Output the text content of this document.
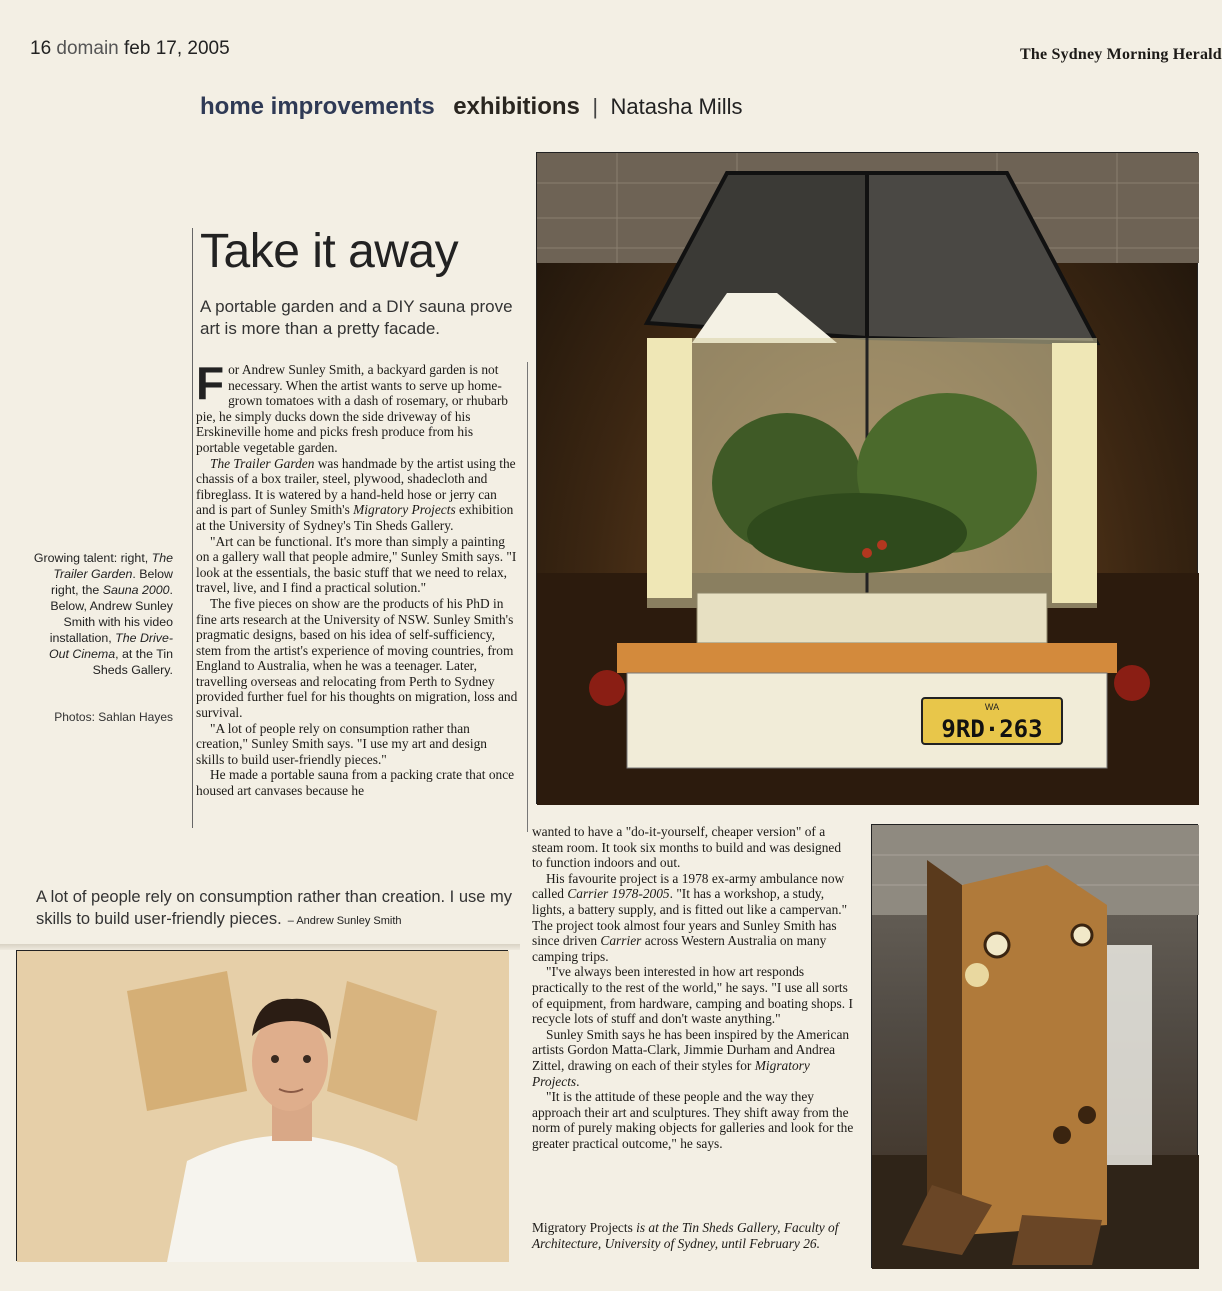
16 domain feb 17, 2005	The Sydney Morning Herald
home improvements exhibitions | Natasha Mills
Take it away
A portable garden and a DIY sauna prove art is more than a pretty facade.

For Andrew Sunley Smith, a backyard garden is not necessary. When the artist wants to serve up home-grown tomatoes with a dash of rosemary, or rhubarb pie, he simply ducks down the side driveway of his Erskineville home and picks fresh produce from his portable vegetable garden.

The Trailer Garden was handmade by the artist using the chassis of a box trailer, steel, plywood, shadecloth and fibreglass. It is watered by a hand-held hose or jerry can and is part of Sunley Smith's Migratory Projects exhibition at the University of Sydney's Tin Sheds Gallery.

"Art can be functional. It's more than simply a painting on a gallery wall that people admire," Sunley Smith says. "I look at the essentials, the basic stuff that we need to relax, travel, live, and I find a practical solution."

The five pieces on show are the products of his PhD in fine arts research at the University of NSW. Sunley Smith's pragmatic designs, based on his idea of self-sufficiency, stem from the artist's experience of moving countries, from England to Australia, when he was a teenager. Later, travelling overseas and relocating from Perth to Sydney provided further fuel for his thoughts on migration, loss and survival.

"A lot of people rely on consumption rather than creation," Sunley Smith says. "I use my art and design skills to build user-friendly pieces."

He made a portable sauna from a packing crate that once housed art canvases because he

wanted to have a "do-it-yourself, cheaper version" of a steam room. It took six months to build and was designed to function indoors and out.

His favourite project is a 1978 ex-army ambulance now called Carrier 1978-2005. "It has a workshop, a study, lights, a battery supply, and is fitted out like a campervan." The project took almost four years and Sunley Smith has since driven Carrier across Western Australia on many camping trips.

"I've always been interested in how art responds practically to the rest of the world," he says. "I use all sorts of equipment, from hardware, camping and boating shops. I recycle lots of stuff and don't waste anything."

Sunley Smith says he has been inspired by the American artists Gordon Matta-Clark, Jimmie Durham and Andrea Zittel, drawing on each of their styles for Migratory Projects.

"It is the attitude of these people and the way they approach their art and sculptures. They shift away from the norm of purely making objects for galleries and look for the greater practical outcome," he says.

Migratory Projects is at the Tin Sheds Gallery, Faculty of Architecture, University of Sydney, until February 26.
Growing talent: right, The Trailer Garden. Below right, the Sauna 2000. Below, Andrew Sunley Smith with his video installation, The Drive-Out Cinema, at the Tin Sheds Gallery.
Photos: Sahlan Hayes
A lot of people rely on consumption rather than creation. I use my skills to build user-friendly pieces. – Andrew Sunley Smith
WA
9RD·263
